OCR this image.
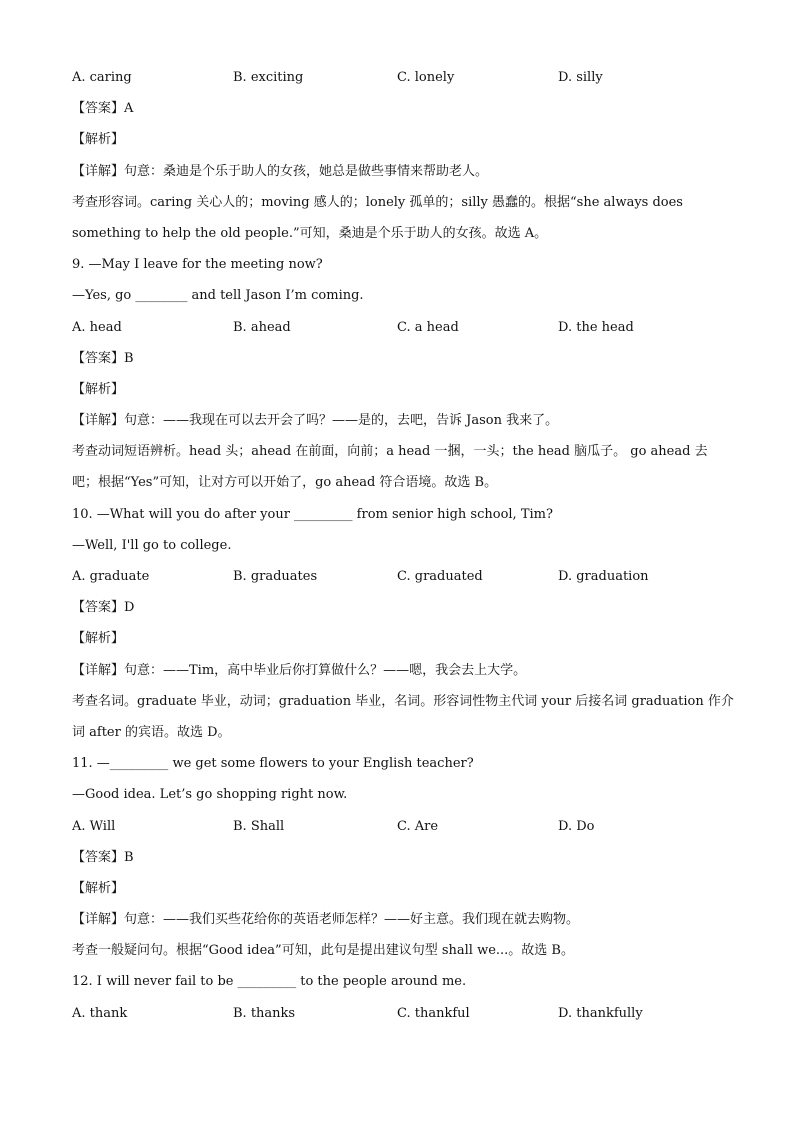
A. caring	B. exciting	C. lonely	D. silly
【答案】A
【解析】
【详解】句意：桑迪是个乐于助人的女孩，她总是做些事情来帮助老人。
考查形容词。caring 关心人的；moving 感人的；lonely 孤单的；silly 愚蠢的。根据“she always does
something to help the old people.”可知，桑迪是个乐于助人的女孩。故选 A。
9. —May I leave for the meeting now?
—Yes, go ________ and tell Jason I’m coming.
A. head	B. ahead	C. a head	D. the head
【答案】B
【解析】
【详解】句意：——我现在可以去开会了吗？——是的，去吧，告诉 Jason 我来了。
考查动词短语辨析。head 头；ahead 在前面，向前；a head 一捆，一头；the head 脑瓜子。 go ahead 去
吧；根据“Yes”可知，让对方可以开始了，go ahead 符合语境。故选 B。
10. —What will you do after your _________ from senior high school, Tim?
—Well, I'll go to college.
A. graduate	B. graduates	C. graduated	D. graduation
【答案】D
【解析】
【详解】句意：——Tim，高中毕业后你打算做什么？——嗯，我会去上大学。
考查名词。graduate 毕业，动词；graduation 毕业，名词。形容词性物主代词 your 后接名词 graduation 作介
词 after 的宾语。故选 D。
11. —_________ we get some flowers to your English teacher?
—Good idea. Let’s go shopping right now.
A. Will	B. Shall	C. Are	D. Do
【答案】B
【解析】
【详解】句意：——我们买些花给你的英语老师怎样？——好主意。我们现在就去购物。
考查一般疑问句。根据“Good idea”可知，此句是提出建议句型 shall we...。故选 B。
12. I will never fail to be _________ to the people around me.
A. thank	B. thanks	C. thankful	D. thankfully
